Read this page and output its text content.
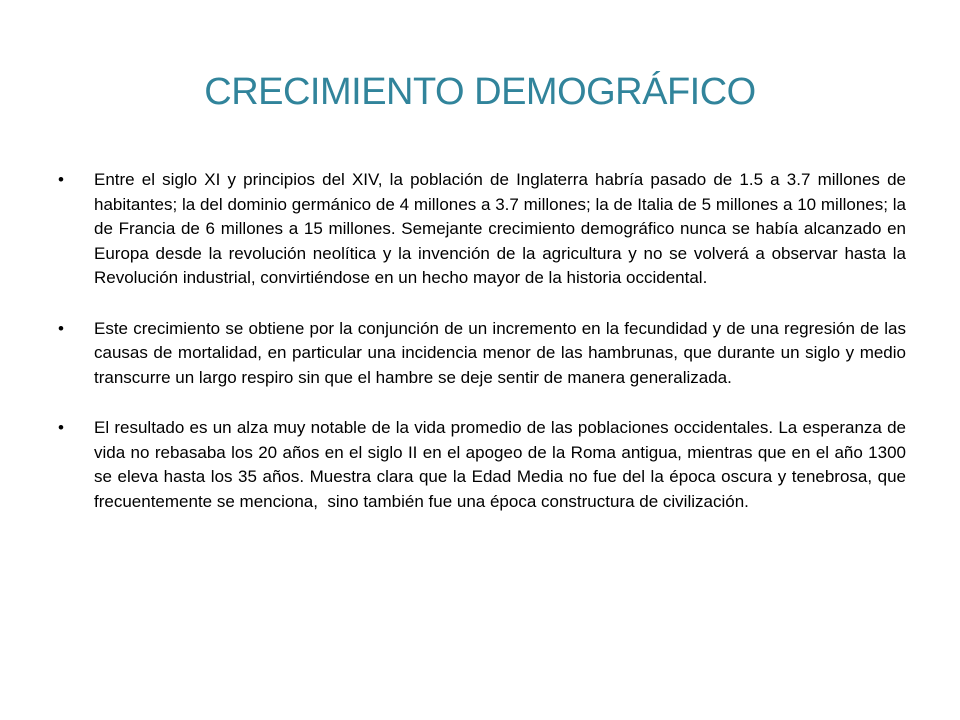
CRECIMIENTO DEMOGRÁFICO
•	Entre el siglo XI y principios del XIV, la población de Inglaterra habría pasado de 1.5 a 3.7 millones de habitantes; la del dominio germánico de 4 millones a 3.7 millones; la de Italia de 5 millones a 10 millones; la de Francia de 6 millones a 15 millones. Semejante crecimiento demográfico nunca se había alcanzado en Europa desde la revolución neolítica y la invención de la agricultura y no se volverá a observar hasta la Revolución industrial, convirtiéndose en un hecho mayor de la historia occidental.

•	Este crecimiento se obtiene por la conjunción de un incremento en la fecundidad y de una regresión de las causas de mortalidad, en particular una incidencia menor de las hambrunas, que durante un siglo y medio transcurre un largo respiro sin que el hambre se deje sentir de manera generalizada.

•	El resultado es un alza muy notable de la vida promedio de las poblaciones occidentales. La esperanza de vida no rebasaba los 20 años en el siglo II en el apogeo de la Roma antigua, mientras que en el año 1300 se eleva hasta los 35 años. Muestra clara que la Edad Media no fue del la época oscura y tenebrosa, que frecuentemente se menciona,  sino también fue una época constructura de civilización.
